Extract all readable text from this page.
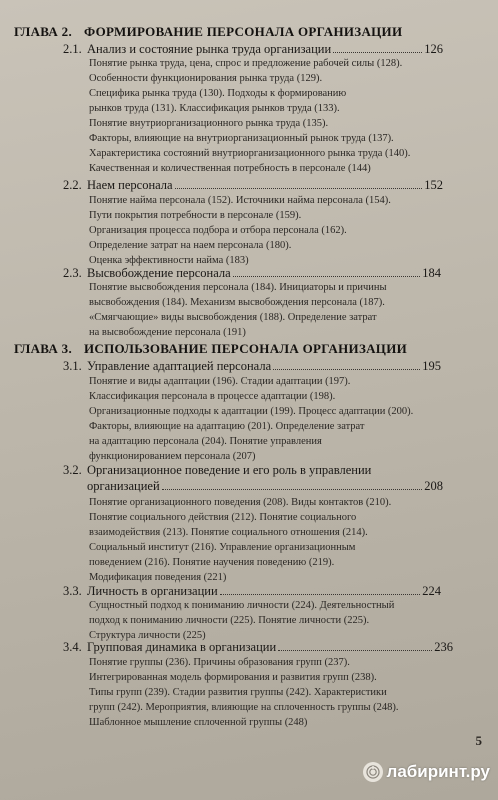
ГЛАВА 2. ФОРМИРОВАНИЕ ПЕРСОНАЛА ОРГАНИЗАЦИИ
2.1. Анализ и состояние рынка труда организации	126
Понятие рынка труда, цена, спрос и предложение рабочей силы (128).
Особенности функционирования рынка труда (129).
Специфика рынка труда (130). Подходы к формированию
рынков труда (131). Классификация рынков труда (133).
Понятие внутриорганизационного рынка труда (135).
Факторы, влияющие на внутриорганизационный рынок труда (137).
Характеристика состояний внутриорганизационного рынка труда (140).
Качественная и количественная потребность в персонале (144)
2.2. Наем персонала	152
Понятие найма персонала (152). Источники найма персонала (154).
Пути покрытия потребности в персонале (159).
Организация процесса подбора и отбора персонала (162).
Определение затрат на наем персонала (180).
Оценка эффективности найма (183)
2.3. Высвобождение персонала	184
Понятие высвобождения персонала (184). Инициаторы и причины
высвобождения (184). Механизм высвобождения персонала (187).
«Смягчающие» виды высвобождения (188). Определение затрат
на высвобождение персонала (191)
ГЛАВА 3. ИСПОЛЬЗОВАНИЕ ПЕРСОНАЛА ОРГАНИЗАЦИИ
3.1. Управление адаптацией персонала	195
Понятие и виды адаптации (196). Стадии адаптации (197).
Классификация персонала в процессе адаптации (198).
Организационные подходы к адаптации (199). Процесс адаптации (200).
Факторы, влияющие на адаптацию (201). Определение затрат
на адаптацию персонала (204). Понятие управления
функционированием персонала (207)
3.2. Организационное поведение и его роль в управлении
организацией	208
Понятие организационного поведения (208). Виды контактов (210).
Понятие социального действия (212). Понятие социального
взаимодействия (213). Понятие социального отношения (214).
Социальный институт (216). Управление организационным
поведением (216). Понятие научения поведению (219).
Модификация поведения (221)
3.3. Личность в организации	224
Сущностный подход к пониманию личности (224). Деятельностный
подход к пониманию личности (225). Понятие личности (225).
Структура личности (225)
3.4. Групповая динамика в организации	236
Понятие группы (236). Причины образования групп (237).
Интегрированная модель формирования и развития групп (238).
Типы групп (239). Стадии развития группы (242). Характеристики
групп (242). Мероприятия, влияющие на сплоченность группы (248).
Шаблонное мышление сплоченной группы (248)
5
лабиринт.ру
